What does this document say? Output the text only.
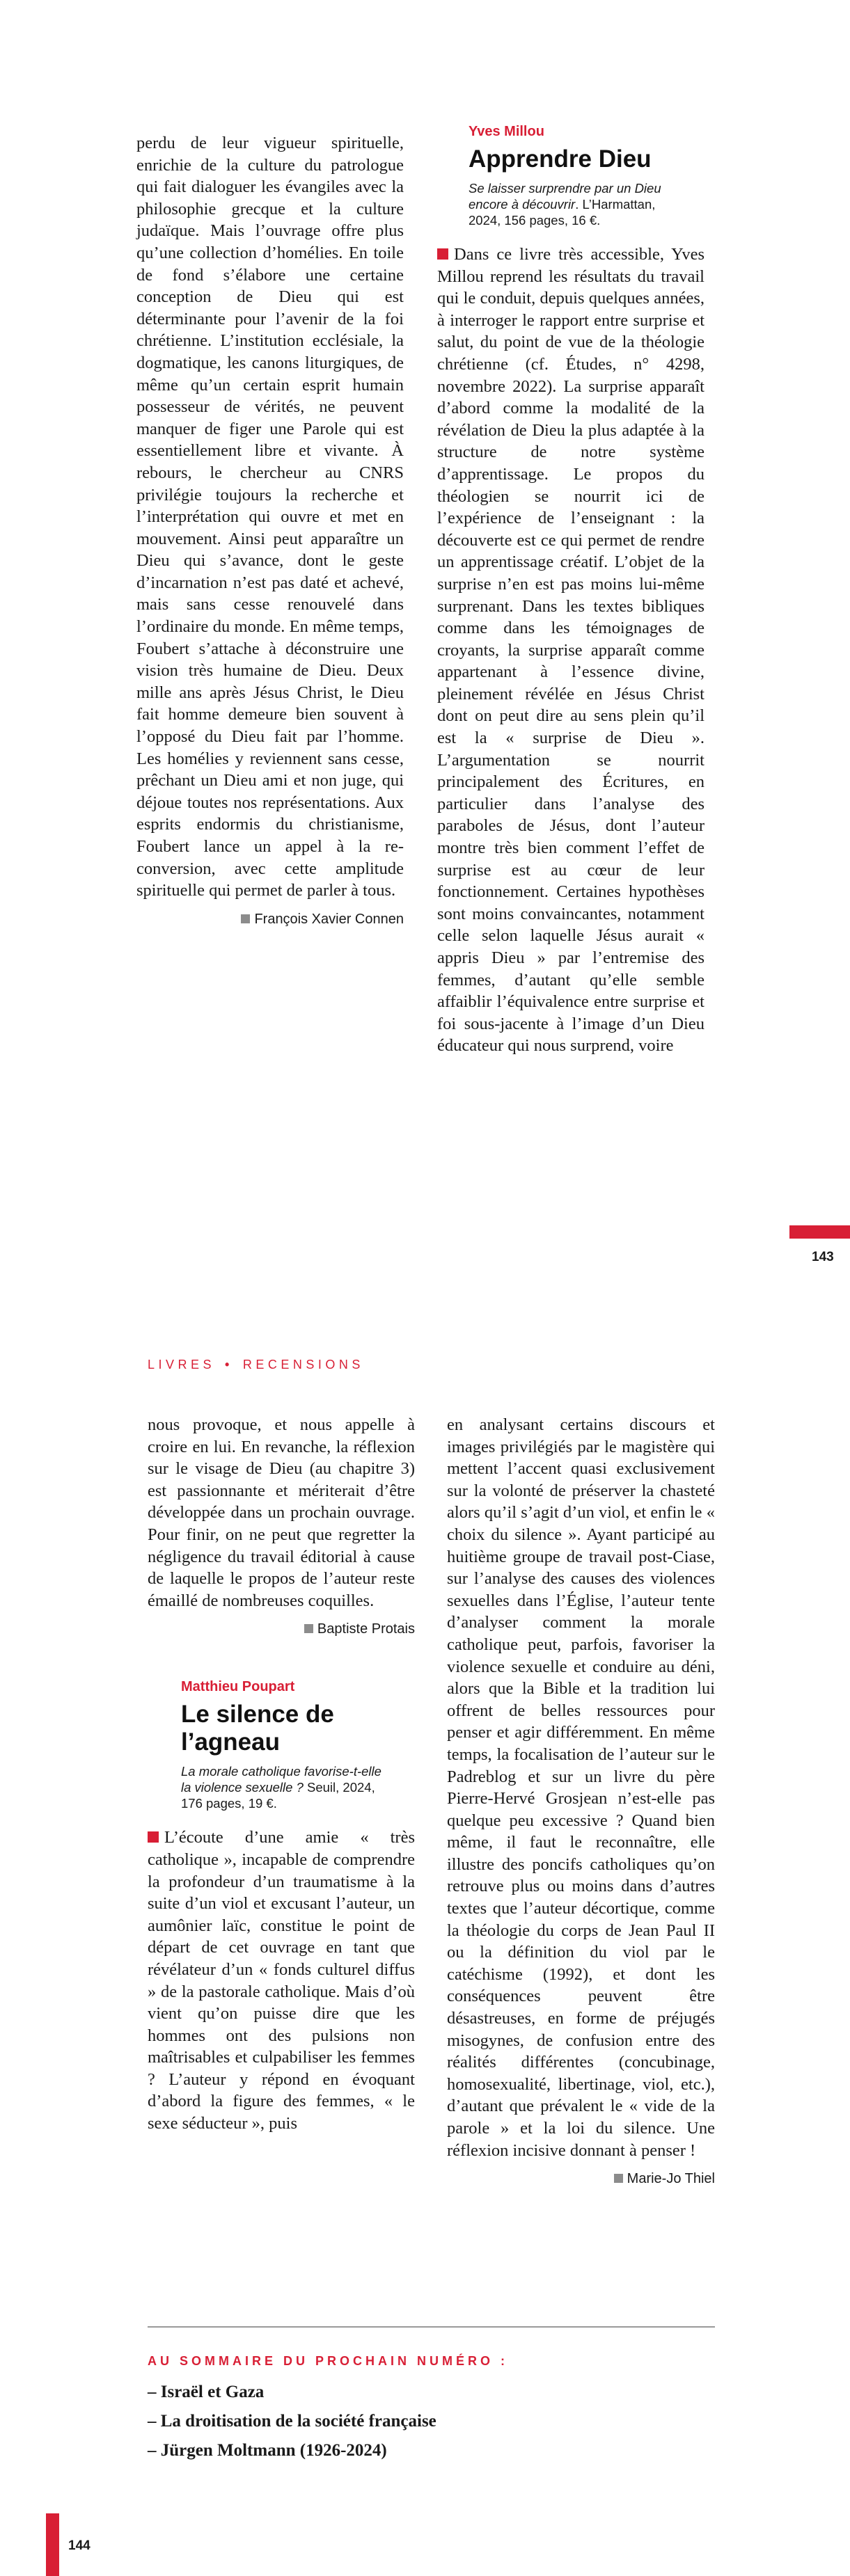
perdu de leur vigueur spirituelle, enrichie de la culture du patrologue qui fait dialoguer les évangiles avec la philosophie grecque et la culture judaïque. Mais l’ouvrage offre plus qu’une collection d’homélies. En toile de fond s’élabore une certaine conception de Dieu qui est déterminante pour l’avenir de la foi chrétienne. L’institution ecclésiale, la dogmatique, les canons liturgiques, de même qu’un certain esprit humain possesseur de vérités, ne peuvent manquer de figer une Parole qui est essentiellement libre et vivante. À rebours, le chercheur au CNRS privilégie toujours la recherche et l’interprétation qui ouvre et met en mouvement. Ainsi peut apparaître un Dieu qui s’avance, dont le geste d’incarnation n’est pas daté et achevé, mais sans cesse renouvelé dans l’ordinaire du monde. En même temps, Foubert s’attache à déconstruire une vision très humaine de Dieu. Deux mille ans après Jésus Christ, le Dieu fait homme demeure bien souvent à l’opposé du Dieu fait par l’homme. Les homélies y reviennent sans cesse, prêchant un Dieu ami et non juge, qui déjoue toutes nos représentations. Aux esprits endormis du christianisme, Foubert lance un appel à la re-conversion, avec cette amplitude spirituelle qui permet de parler à tous.

François Xavier Connen

Yves Millou

Apprendre Dieu

Se laisser surprendre par un Dieu encore à découvrir. L’Harmattan, 2024, 156 pages, 16 €.

Dans ce livre très accessible, Yves Millou reprend les résultats du travail qui le conduit, depuis quelques années, à interroger le rapport entre surprise et salut, du point de vue de la théologie chrétienne (cf. Études, n° 4298, novembre 2022). La surprise apparaît d’abord comme la modalité de la révélation de Dieu la plus adaptée à la structure de notre système d’apprentissage. Le propos du théologien se nourrit ici de l’expérience de l’enseignant : la découverte est ce qui permet de rendre un apprentissage créatif. L’objet de la surprise n’en est pas moins lui-même surprenant. Dans les textes bibliques comme dans les témoignages de croyants, la surprise apparaît comme appartenant à l’essence divine, pleinement révélée en Jésus Christ dont on peut dire au sens plein qu’il est la « surprise de Dieu ». L’argumentation se nourrit principalement des Écritures, en particulier dans l’analyse des paraboles de Jésus, dont l’auteur montre très bien comment l’effet de surprise est au cœur de leur fonctionnement. Certaines hypothèses sont moins convaincantes, notamment celle selon laquelle Jésus aurait « appris Dieu » par l’entremise des femmes, d’autant qu’elle semble affaiblir l’équivalence entre surprise et foi sous-jacente à l’image d’un Dieu éducateur qui nous surprend, voire

143
LIVRES • RECENSIONS

nous provoque, et nous appelle à croire en lui. En revanche, la réflexion sur le visage de Dieu (au chapitre 3) est passionnante et mériterait d’être développée dans un prochain ouvrage. Pour finir, on ne peut que regretter la négligence du travail éditorial à cause de laquelle le propos de l’auteur reste émaillé de nombreuses coquilles.

Baptiste Protais

Matthieu Poupart

Le silence de l’agneau

La morale catholique favorise-t-elle la violence sexuelle ? Seuil, 2024, 176 pages, 19 €.

L’écoute d’une amie « très catholique », incapable de comprendre la profondeur d’un traumatisme à la suite d’un viol et excusant l’auteur, un aumônier laïc, constitue le point de départ de cet ouvrage en tant que révélateur d’un « fonds culturel diffus » de la pastorale catholique. Mais d’où vient qu’on puisse dire que les hommes ont des pulsions non maîtrisables et culpabiliser les femmes ? L’auteur y répond en évoquant d’abord la figure des femmes, « le sexe séducteur », puis

en analysant certains discours et images privilégiés par le magistère qui mettent l’accent quasi exclusivement sur la volonté de préserver la chasteté alors qu’il s’agit d’un viol, et enfin le « choix du silence ». Ayant participé au huitième groupe de travail post-Ciase, sur l’analyse des causes des violences sexuelles dans l’Église, l’auteur tente d’analyser comment la morale catholique peut, parfois, favoriser la violence sexuelle et conduire au déni, alors que la Bible et la tradition lui offrent de belles ressources pour penser et agir différemment. En même temps, la focalisation de l’auteur sur le Padreblog et sur un livre du père Pierre-Hervé Grosjean n’est-elle pas quelque peu excessive ? Quand bien même, il faut le reconnaître, elle illustre des poncifs catholiques qu’on retrouve plus ou moins dans d’autres textes que l’auteur décortique, comme la théologie du corps de Jean Paul II ou la définition du viol par le catéchisme (1992), et dont les conséquences peuvent être désastreuses, en forme de préjugés misogynes, de confusion entre des réalités différentes (concubinage, homosexualité, libertinage, viol, etc.), d’autant que prévalent le « vide de la parole » et la loi du silence. Une réflexion incisive donnant à penser !

Marie-Jo Thiel

AU SOMMAIRE DU PROCHAIN NUMÉRO :

– Israël et Gaza
– La droitisation de la société française
– Jürgen Moltmann (1926-2024)
144
